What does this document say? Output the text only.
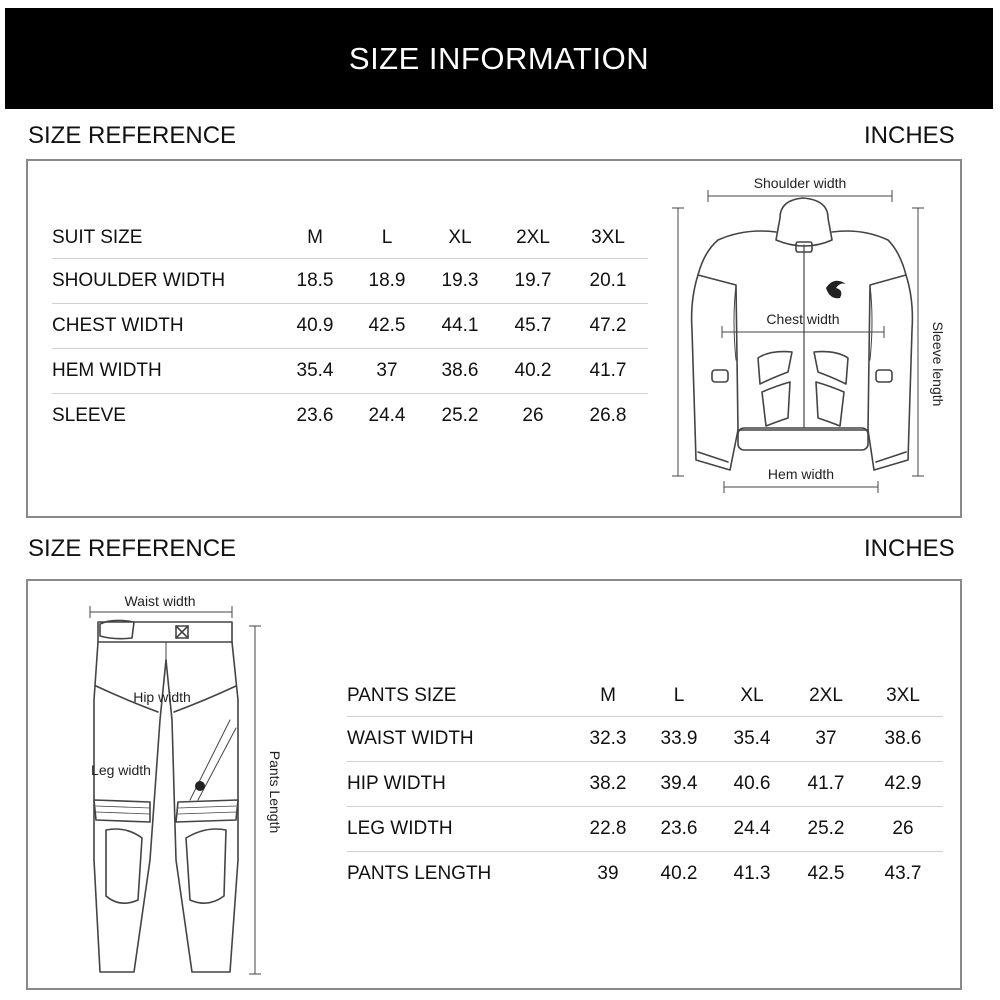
SIZE INFORMATION
SIZE REFERENCE	INCHES
SUIT SIZE	M	L	XL	2XL	3XL
SHOULDER WIDTH	18.5	18.9	19.3	19.7	20.1
CHEST WIDTH	40.9	42.5	44.1	45.7	47.2
HEM WIDTH	35.4	37	38.6	40.2	41.7
SLEEVE	23.6	24.4	25.2	26	26.8
Shoulder width
Chest width
Hem width
Sleeve length
SIZE REFERENCE	INCHES
PANTS SIZE	M	L	XL	2XL	3XL
WAIST WIDTH	32.3	33.9	35.4	37	38.6
HIP WIDTH	38.2	39.4	40.6	41.7	42.9
LEG WIDTH	22.8	23.6	24.4	25.2	26
PANTS LENGTH	39	40.2	41.3	42.5	43.7
Waist width
Hip width
Leg width	Pants Length
